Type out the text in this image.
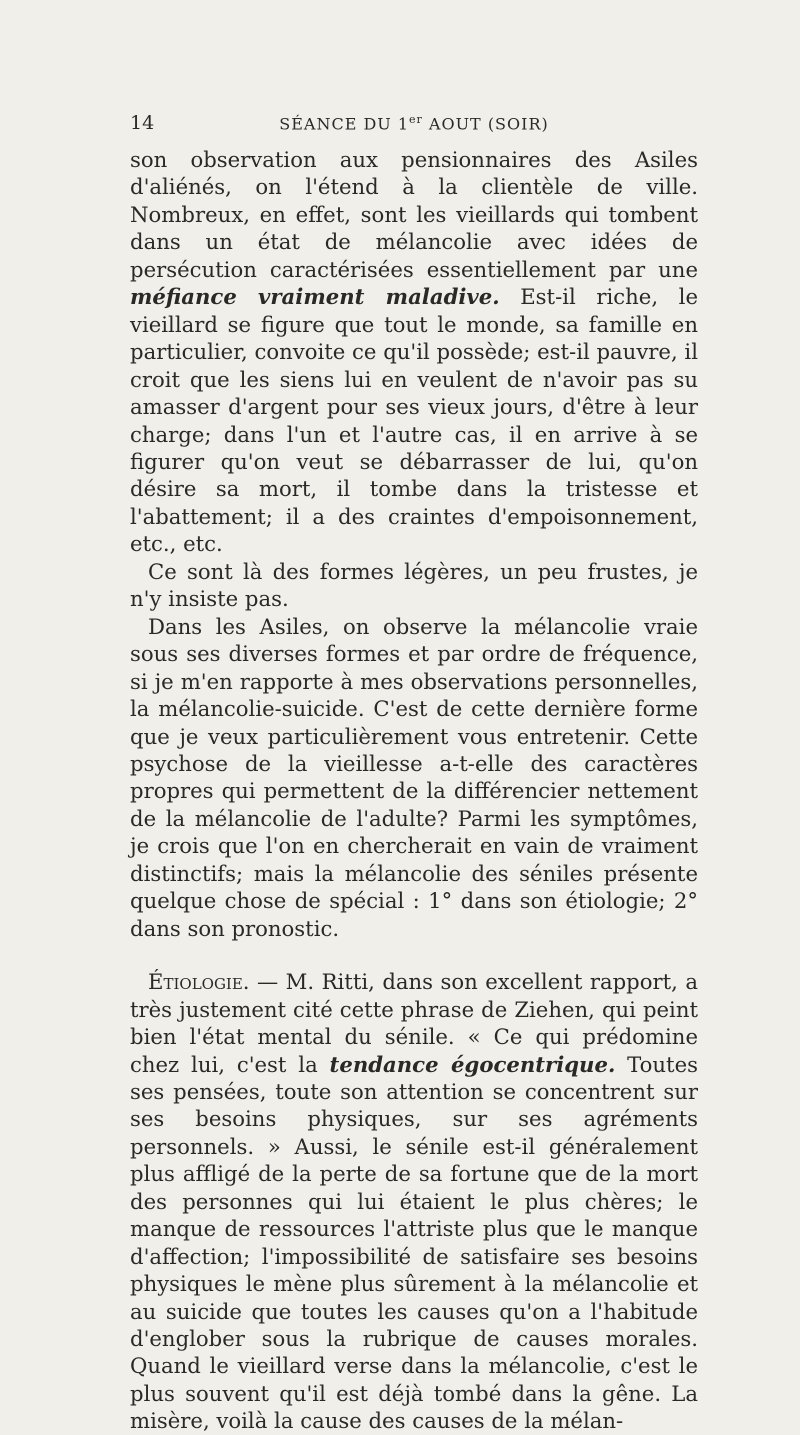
14	SÉANCE DU 1er AOUT (SOIR)

son observation aux pensionnaires des Asiles d'aliénés, on l'étend à la clientèle de ville. Nombreux, en effet, sont les vieillards qui tombent dans un état de mélancolie avec idées de persécution caractérisées essentiellement par une méfiance vraiment maladive. Est-il riche, le vieillard se figure que tout le monde, sa famille en particulier, convoite ce qu'il possède; est-il pauvre, il croit que les siens lui en veulent de n'avoir pas su amasser d'argent pour ses vieux jours, d'être à leur charge; dans l'un et l'autre cas, il en arrive à se figurer qu'on veut se débarrasser de lui, qu'on désire sa mort, il tombe dans la tristesse et l'abattement; il a des craintes d'empoisonnement, etc., etc.

Ce sont là des formes légères, un peu frustes, je n'y insiste pas.

Dans les Asiles, on observe la mélancolie vraie sous ses diverses formes et par ordre de fréquence, si je m'en rapporte à mes observations personnelles, la mélancolie-suicide. C'est de cette dernière forme que je veux particulièrement vous entretenir. Cette psychose de la vieillesse a-t-elle des caractères propres qui permettent de la différencier nettement de la mélancolie de l'adulte? Parmi les symptômes, je crois que l'on en chercherait en vain de vraiment distinctifs; mais la mélancolie des séniles présente quelque chose de spécial : 1° dans son étiologie; 2° dans son pronostic.

Étiologie. — M. Ritti, dans son excellent rapport, a très justement cité cette phrase de Ziehen, qui peint bien l'état mental du sénile. « Ce qui prédomine chez lui, c'est la tendance égocentrique. Toutes ses pensées, toute son attention se concentrent sur ses besoins physiques, sur ses agréments personnels. » Aussi, le sénile est-il généralement plus affligé de la perte de sa fortune que de la mort des personnes qui lui étaient le plus chères; le manque de ressources l'attriste plus que le manque d'affection; l'impossibilité de satisfaire ses besoins physiques le mène plus sûrement à la mélancolie et au suicide que toutes les causes qu'on a l'habitude d'englober sous la rubrique de causes morales. Quand le vieillard verse dans la mélancolie, c'est le plus souvent qu'il est déjà tombé dans la gêne. La misère, voilà la cause des causes de la mélan-
